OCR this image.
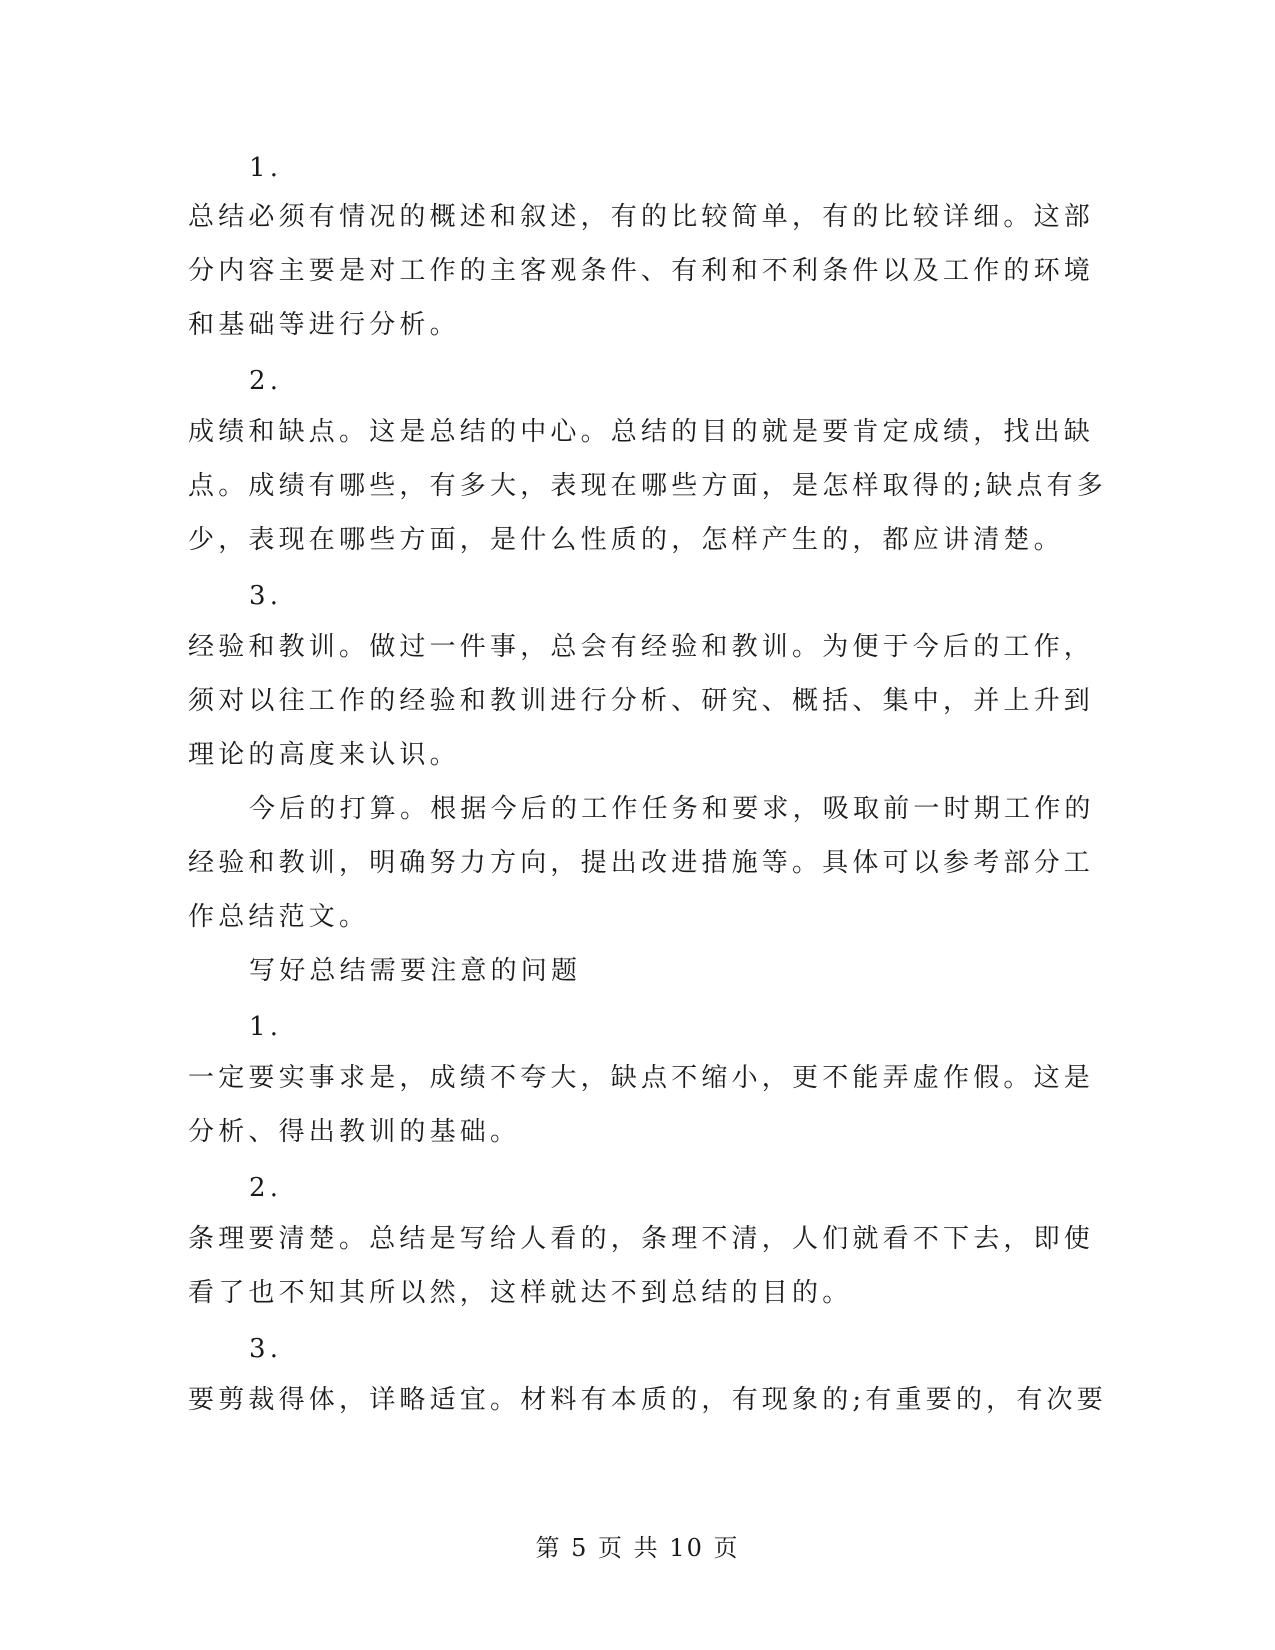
1.
总结必须有情况的概述和叙述，有的比较简单，有的比较详细。这部
分内容主要是对工作的主客观条件、有利和不利条件以及工作的环境
和基础等进行分析。
2.
成绩和缺点。这是总结的中心。总结的目的就是要肯定成绩，找出缺
点。成绩有哪些，有多大，表现在哪些方面，是怎样取得的;缺点有多
少，表现在哪些方面，是什么性质的，怎样产生的，都应讲清楚。
3.
经验和教训。做过一件事，总会有经验和教训。为便于今后的工作，
须对以往工作的经验和教训进行分析、研究、概括、集中，并上升到
理论的高度来认识。
今后的打算。根据今后的工作任务和要求，吸取前一时期工作的
经验和教训，明确努力方向，提出改进措施等。具体可以参考部分工
作总结范文。
写好总结需要注意的问题
1.
一定要实事求是，成绩不夸大，缺点不缩小，更不能弄虚作假。这是
分析、得出教训的基础。
2.
条理要清楚。总结是写给人看的，条理不清，人们就看不下去，即使
看了也不知其所以然，这样就达不到总结的目的。
3.
要剪裁得体，详略适宜。材料有本质的，有现象的;有重要的，有次要
第 5 页 共 10 页
